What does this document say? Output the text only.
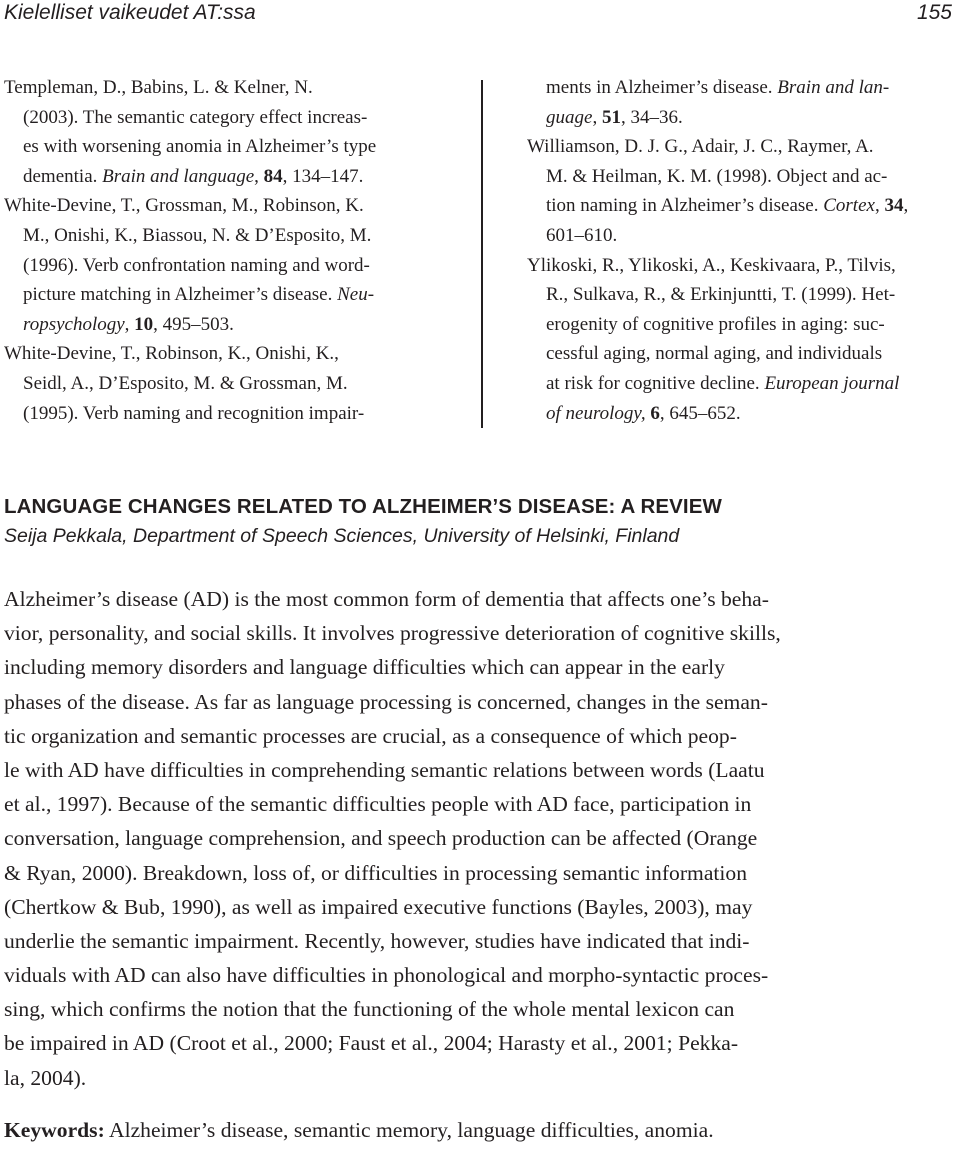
Kielelliset vaikeudet AT:ssa	155
Templeman, D., Babins, L. & Kelner, N.
(2003). The semantic category effect increas-
es with worsening anomia in Alzheimer’s type
dementia. Brain and language, 84, 134–147.
White-Devine, T., Grossman, M., Robinson, K.
M., Onishi, K., Biassou, N. & D’Esposito, M.
(1996). Verb confrontation naming and word-
picture matching in Alzheimer’s disease. Neu-
ropsychology, 10, 495–503.
White-Devine, T., Robinson, K., Onishi, K.,
Seidl, A., D’Esposito, M. & Grossman, M.
(1995). Verb naming and recognition impair-
ments in Alzheimer’s disease. Brain and lan-
guage, 51, 34–36.
Williamson, D. J. G., Adair, J. C., Raymer, A.
M. & Heilman, K. M. (1998). Object and ac-
tion naming in Alzheimer’s disease. Cortex, 34,
601–610.
Ylikoski, R., Ylikoski, A., Keskivaara, P., Tilvis,
R., Sulkava, R., & Erkinjuntti, T. (1999). Het-
erogenity of cognitive profiles in aging: suc-
cessful aging, normal aging, and individuals
at risk for cognitive decline. European journal
of neurology, 6, 645–652.
LANGUAGE CHANGES RELATED TO ALZHEIMER’S DISEASE: A REVIEW
Seija Pekkala, Department of Speech Sciences, University of Helsinki, Finland
Alzheimer’s disease (AD) is the most common form of dementia that affects one’s beha-
vior, personality, and social skills. It involves progressive deterioration of cognitive skills,
including memory disorders and language difficulties which can appear in the early
phases of the disease. As far as language processing is concerned, changes in the seman-
tic organization and semantic processes are crucial, as a consequence of which peop-
le with AD have difficulties in comprehending semantic relations between words (Laatu
et al., 1997). Because of the semantic difficulties people with AD face, participation in
conversation, language comprehension, and speech production can be affected (Orange
& Ryan, 2000). Breakdown, loss of, or difficulties in processing semantic information
(Chertkow & Bub, 1990), as well as impaired executive functions (Bayles, 2003), may
underlie the semantic impairment. Recently, however, studies have indicated that indi-
viduals with AD can also have difficulties in phonological and morpho-syntactic proces-
sing, which confirms the notion that the functioning of the whole mental lexicon can
be impaired in AD (Croot et al., 2000; Faust et al., 2004; Harasty et al., 2001; Pekka-
la, 2004).
Keywords: Alzheimer’s disease, semantic memory, language difficulties, anomia.
